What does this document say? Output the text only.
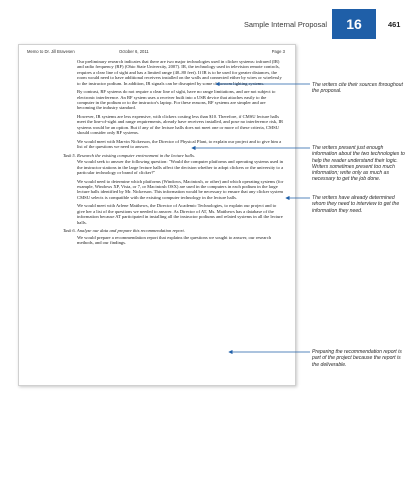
Sample Internal Proposal	16	461
Memo to Dr. Jill Bravesen	October 6, 2011	Page 3

Our preliminary research indicates that there are two major technologies used in clicker systems: infrared (IR) and radio frequency (RF) (Ohio State University, 2007). IR, the technology used in television remote controls, requires a clear line of sight and has a limited range (40–80 feet). If IR is to be used for greater distances, the room would need to have additional receivers installed on the walls and connected either by wires or wirelessly to the instructor podium. In addition, IR signals can be disrupted by some classroom lighting systems.

By contrast, RF systems do not require a clear line of sight, have no range limitations, and are not subject to electronic interference. An RF system uses a receiver built into a USB device that attaches easily to the computer in the podium or to the instructor's laptop. For these reasons, RF systems are simpler and are becoming the industry standard.

However, IR systems are less expensive, with clickers costing less than $10. Therefore, if CMSU lecture halls meet the line-of-sight and range requirements, already have receivers installed, and pose no interference risk, IR systems would be an option. But if any of the lecture halls does not meet one or more of these criteria, CMSU should consider only RF systems.

We would meet with Marvin Nickerson, the Director of Physical Plant, to explain our project and to give him a list of the questions we need to answer.

Task 5. Research the existing computer environment in the lecture halls.

We would seek to answer the following question: "Would the computer platforms and operating systems used in the instructor stations in the large lecture halls affect the decision whether to adopt clickers or the university to a particular technology or brand of clicker?"

We would need to determine which platforms (Windows, Macintosh, or other) and which operating systems (for example, Windows XP, Vista, or 7, or Macintosh OSX) are used in the computers in each podium in the large lecture halls identified by Mr. Nickerson. This information would be necessary to ensure that any clicker system CMSU selects is compatible with the existing computer technology in the lecture halls.

We would meet with Arlene Matthews, the Director of Academic Technologies, to explain our project and to give her a list of the questions we needed to answer. As Director of AT, Ms. Matthews has a database of the information because AT participated in installing all the instructor podiums and related systems in all the lecture halls.

Task 6. Analyze our data and prepare this recommendation report.

We would prepare a recommendation report that explains the questions we sought to answer, our research methods, and our findings.

The writers cite their sources throughout the proposal.
The writers present just enough information about the two technologies to help the reader understand their logic. Writers sometimes present too much information; write only as much as necessary to get the job done.
The writers have already determined whom they need to interview to get the information they need.
Preparing the recommendation report is part of the project because the report is the deliverable.
